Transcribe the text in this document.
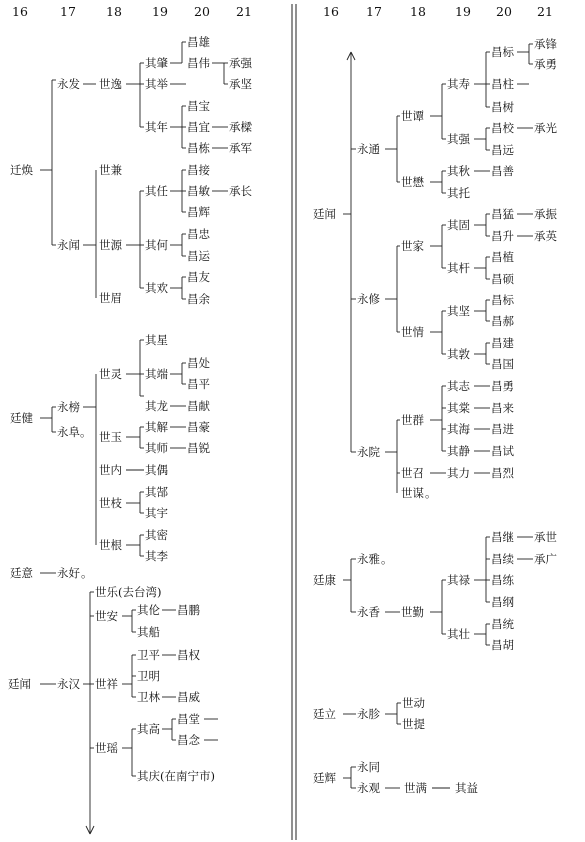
16	17 18 19 20 21	16 17 18 19 20 21
迁焕
永发 世逸
其肇
其举
其年
昌雄
昌伟 承强
承坚
昌宝
昌宜 承樑
昌栋 承军
永闻
世兼
世源
世眉
其任
其何
其欢
昌接
昌敏 承长
昌辉
昌忠
昌运
昌友
昌余
廷健
永榜
永阜 。
世灵
世玉
世内
世枝
世根
其星
其端
其龙
其解
其师
其偶
其郜
其宇
其密
其李
昌处
昌平
昌献
昌豪
昌锐
廷意 永好 。
廷闻 永汉
世乐(去台湾)
世安
世祥
世瑶
其伦 昌鹏
其船
卫平 昌权
卫明
卫林 昌威
其高
昌堂
昌念
其庆(在南宁市)
廷闻
永通
世谭
世懋
其寿
昌标
承锋
承勇
昌柱
昌树
其强
昌校 承光
昌远
其秋 昌善
其托
永修
世家
世情
其固
昌猛 承振
昌升 承英
其杆
昌植
昌硕
其坚
昌标
昌郝
其敦
昌建
昌国
永院
世群
其志 昌勇
其棠 昌来
其海 昌进
其静 昌试
世召 其力 昌烈
世谋 。
廷康
永雅 。
永香 世勤
其禄
昌继 承世
昌续 承广
昌练
昌纲
其壮
昌统
昌胡
廷立 永胗
世动
世提
廷辉
永同
永观 世满 其益
